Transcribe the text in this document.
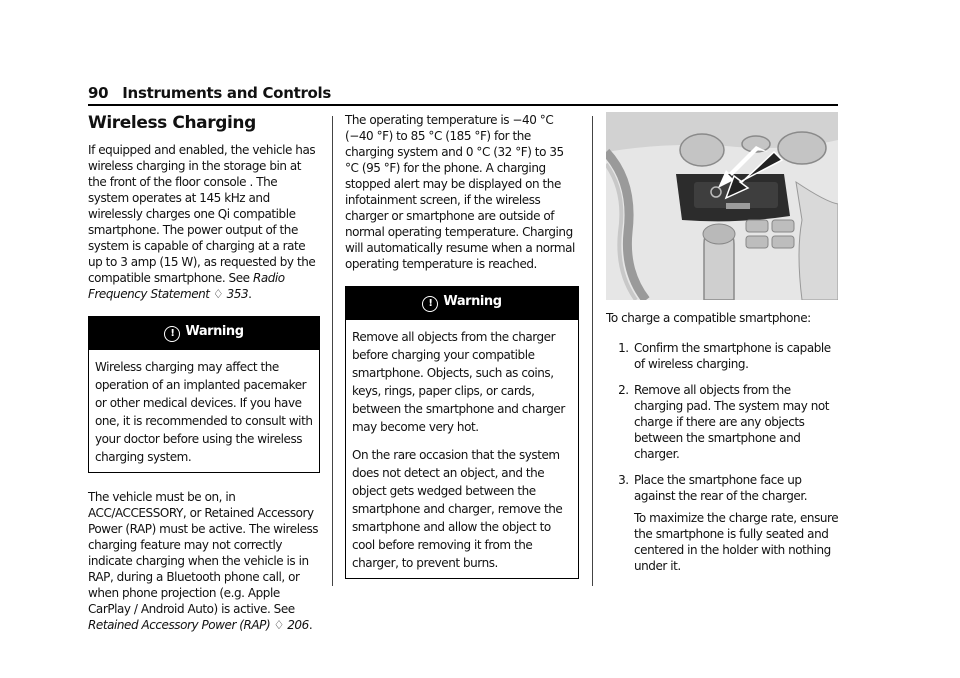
90 Instruments and Controls
Wireless Charging

If equipped and enabled, the vehicle has wireless charging in the storage bin at the front of the floor console . The system operates at 145 kHz and wirelessly charges one Qi compatible smartphone. The power output of the system is capable of charging at a rate up to 3 amp (15 W), as requested by the compatible smartphone. See Radio Frequency Statement ♢ 353.

! Warning

Wireless charging may affect the operation of an implanted pacemaker or other medical devices. If you have one, it is recommended to consult with your doctor before using the wireless charging system.

The vehicle must be on, in ACC/ACCESSORY, or Retained Accessory Power (RAP) must be active. The wireless charging feature may not correctly indicate charging when the vehicle is in RAP, during a Bluetooth phone call, or when phone projection (e.g. Apple CarPlay / Android Auto) is active. See Retained Accessory Power (RAP) ♢ 206.

The operating temperature is −40 °C (−40 °F) to 85 °C (185 °F) for the charging system and 0 °C (32 °F) to 35 °C (95 °F) for the phone. A charging stopped alert may be displayed on the infotainment screen, if the wireless charger or smartphone are outside of normal operating temperature. Charging will automatically resume when a normal operating temperature is reached.

! Warning

Remove all objects from the charger before charging your compatible smartphone. Objects, such as coins, keys, rings, paper clips, or cards, between the smartphone and charger may become very hot.

On the rare occasion that the system does not detect an object, and the object gets wedged between the smartphone and charger, remove the smartphone and allow the object to cool before removing it from the charger, to prevent burns.

To charge a compatible smartphone:

1. Confirm the smartphone is capable of wireless charging.
2. Remove all objects from the charging pad. The system may not charge if there are any objects between the smartphone and charger.
3. Place the smartphone face up against the rear of the charger.

To maximize the charge rate, ensure the smartphone is fully seated and centered in the holder with nothing under it.
